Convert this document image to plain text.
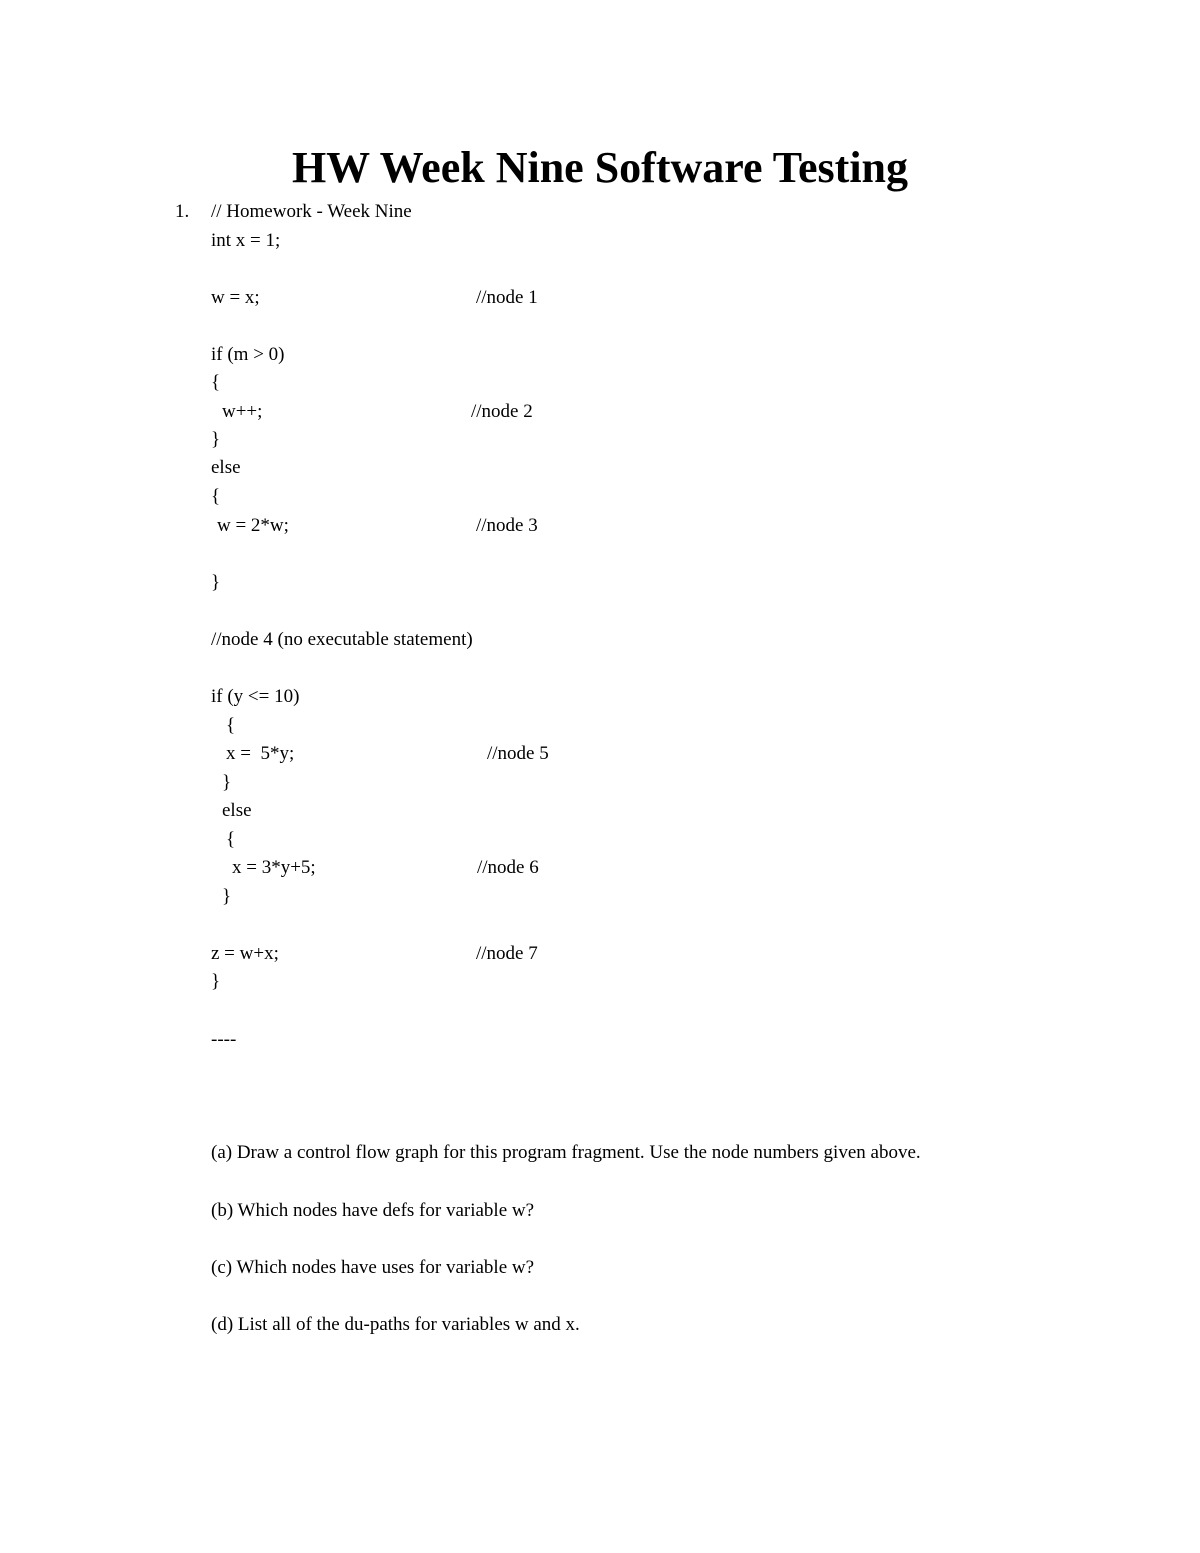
HW Week Nine Software Testing
1. // Homework - Week Nine
int x = 1;
w = x;	//node 1
if (m > 0)
{
w++;	//node 2
}
else
{
w = 2*w;	//node 3
}
//node 4 (no executable statement)
if (y <= 10)
{
x =  5*y;	//node 5
}
else
{
x = 3*y+5;	//node 6
}
z = w+x;	//node 7
}
----
(a) Draw a control flow graph for this program fragment. Use the node numbers given above.
(b) Which nodes have defs for variable w?
(c) Which nodes have uses for variable w?
(d) List all of the du-paths for variables w and x.
